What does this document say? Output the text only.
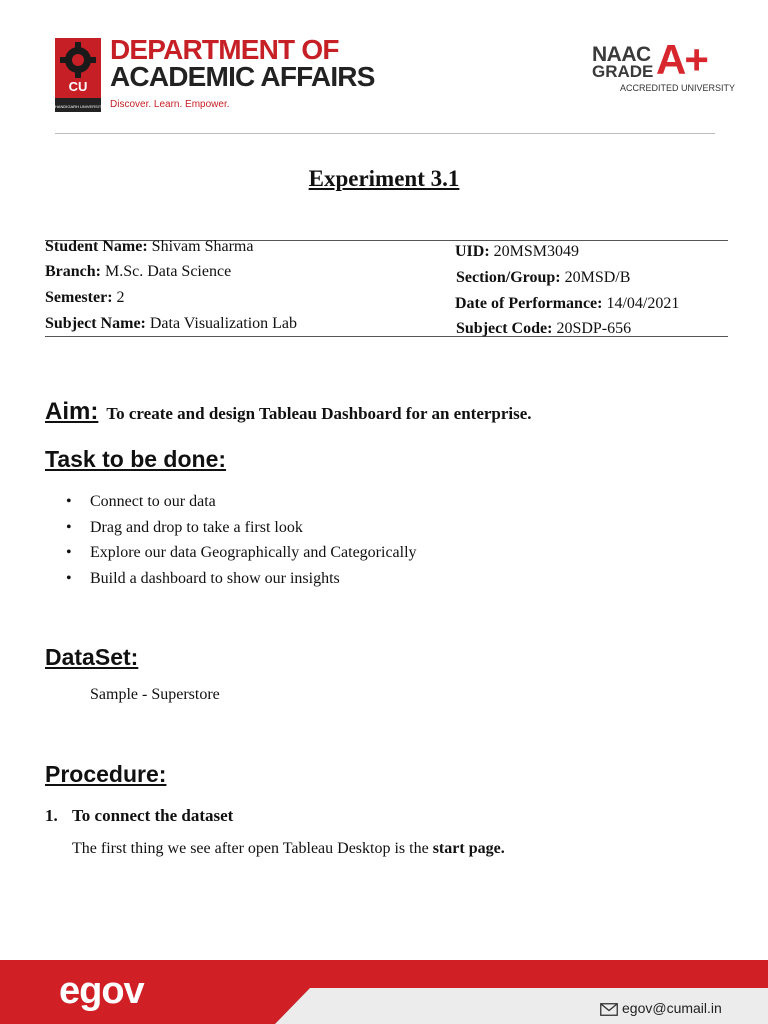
CU
CHANDIGARH UNIVERSITY
DEPARTMENT OF
ACADEMIC AFFAIRS
Discover. Learn. Empower.
NAAC
GRADE A+
ACCREDITED UNIVERSITY
Experiment 3.1
Student Name: Shivam Sharma
Branch: M.Sc. Data Science
Semester: 2
Subject Name: Data Visualization Lab
UID: 20MSM3049
Section/Group: 20MSD/B
Date of Performance: 14/04/2021
Subject Code: 20SDP-656
Aim: To create and design Tableau Dashboard for an enterprise.
Task to be done:
• Connect to our data
• Drag and drop to take a first look
• Explore our data Geographically and Categorically
• Build a dashboard to show our insights
DataSet:
Sample - Superstore
Procedure:
1. To connect the dataset
The first thing we see after open Tableau Desktop is the start page.
egov	egov@cumail.in
